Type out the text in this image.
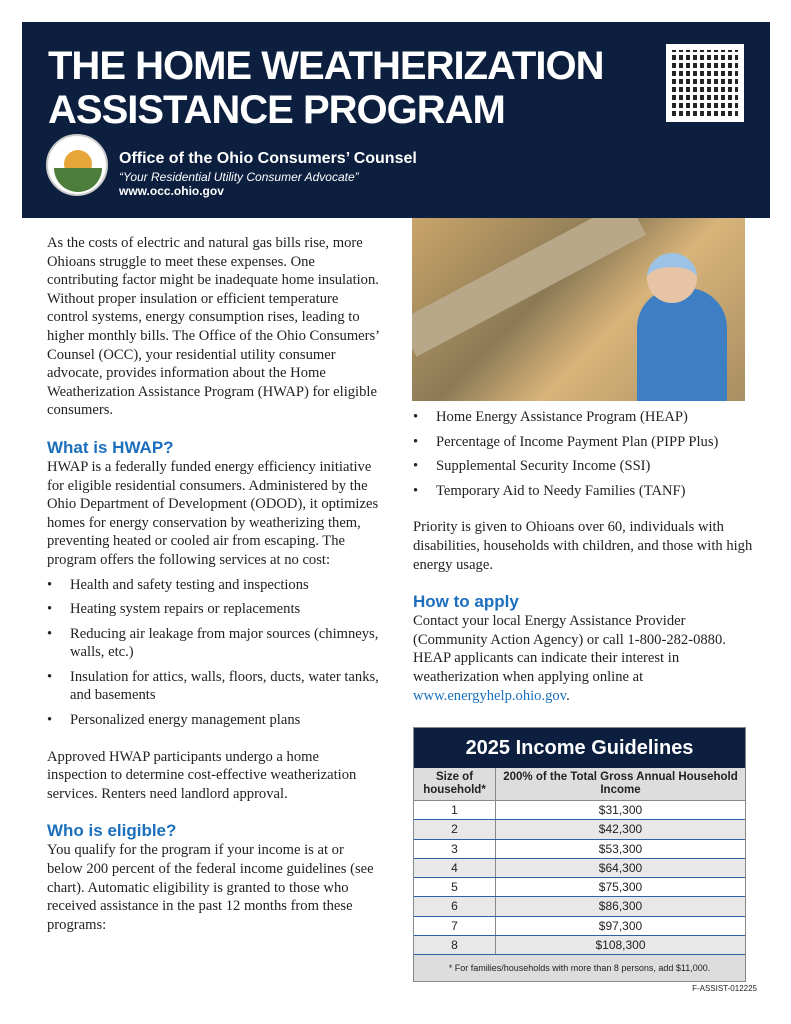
THE HOME WEATHERIZATION
ASSISTANCE PROGRAM
Office of the Ohio Consumers’ Counsel
“Your Residential Utility Consumer Advocate”
www.occ.ohio.gov

As the costs of electric and natural gas bills rise, more Ohioans struggle to meet these expenses. One contributing factor might be inadequate home insulation. Without proper insulation or efficient temperature control systems, energy consumption rises, leading to higher monthly bills. The Office of the Ohio Consumers’ Counsel (OCC), your residential utility consumer advocate, provides information about the Home Weatherization Assistance Program (HWAP) for eligible consumers.

What is HWAP?

HWAP is a federally funded energy efficiency initiative for eligible residential consumers. Administered by the Ohio Department of Development (ODOD), it optimizes homes for energy conservation by weatherizing them, preventing heated or cooled air from escaping. The program offers the following services at no cost:

• Health and safety testing and inspections
• Heating system repairs or replacements
• Reducing air leakage from major sources (chimneys, walls, etc.)
• Insulation for attics, walls, floors, ducts, water tanks, and basements
• Personalized energy management plans

Approved HWAP participants undergo a home inspection to determine cost-effective weatherization services. Renters need landlord approval.

Who is eligible?

You qualify for the program if your income is at or below 200 percent of the federal income guidelines (see chart). Automatic eligibility is granted to those who received assistance in the past 12 months from these programs:

• Home Energy Assistance Program (HEAP)
• Percentage of Income Payment Plan (PIPP Plus)
• Supplemental Security Income (SSI)
• Temporary Aid to Needy Families (TANF)

Priority is given to Ohioans over 60, individuals with disabilities, households with children, and those with high energy usage.

How to apply

Contact your local Energy Assistance Provider (Community Action Agency) or call 1-800-282-0880. HEAP applicants can indicate their interest in weatherization when applying online at www.energyhelp.ohio.gov.

2025 Income Guidelines
Size of household*
200% of the Total Gross Annual Household Income
1	$31,300
2	$42,300
3	$53,300
4	$64,300
5	$75,300
6	$86,300
7	$97,300
8	$108,300
* For families/households with more than 8 persons, add $11,000.
F-ASSIST-012225
